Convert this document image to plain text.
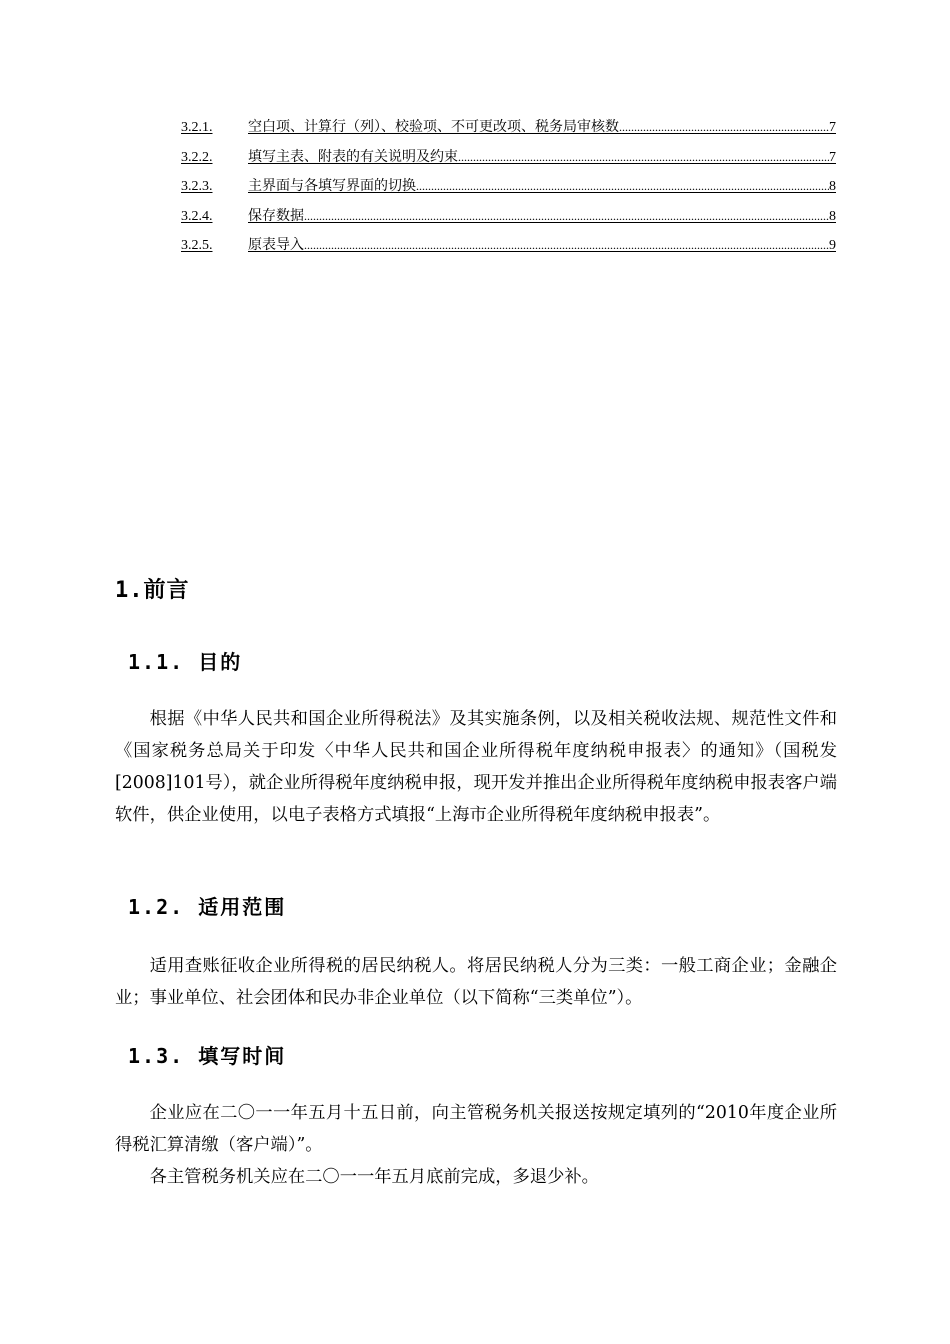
3.2.1.	空白项、计算行（列）、校验项、不可更改项、税务局审核数 .....	7
3.2.2.	填写主表、附表的有关说明及约束 .....	7
3.2.3.	主界面与各填写界面的切换 .....	8
3.2.4.	保存数据 .....	8
3.2.5.	原表导入 .....	9
1.前言
1.1. 目的

根据《中华人民共和国企业所得税法》及其实施条例，以及相关税收法规、规范性文件和《国家税务总局关于印发〈中华人民共和国企业所得税年度纳税申报表〉的通知》（国税发[2008]101号），就企业所得税年度纳税申报，现开发并推出企业所得税年度纳税申报表客户端软件，供企业使用，以电子表格方式填报“上海市企业所得税年度纳税申报表”。

1.2. 适用范围

适用查账征收企业所得税的居民纳税人。将居民纳税人分为三类：一般工商企业；金融企业；事业单位、社会团体和民办非企业单位（以下简称“三类单位”）。

1.3. 填写时间

企业应在二〇一一年五月十五日前，向主管税务机关报送按规定填列的“2010年度企业所得税汇算清缴（客户端）”。

各主管税务机关应在二〇一一年五月底前完成，多退少补。
